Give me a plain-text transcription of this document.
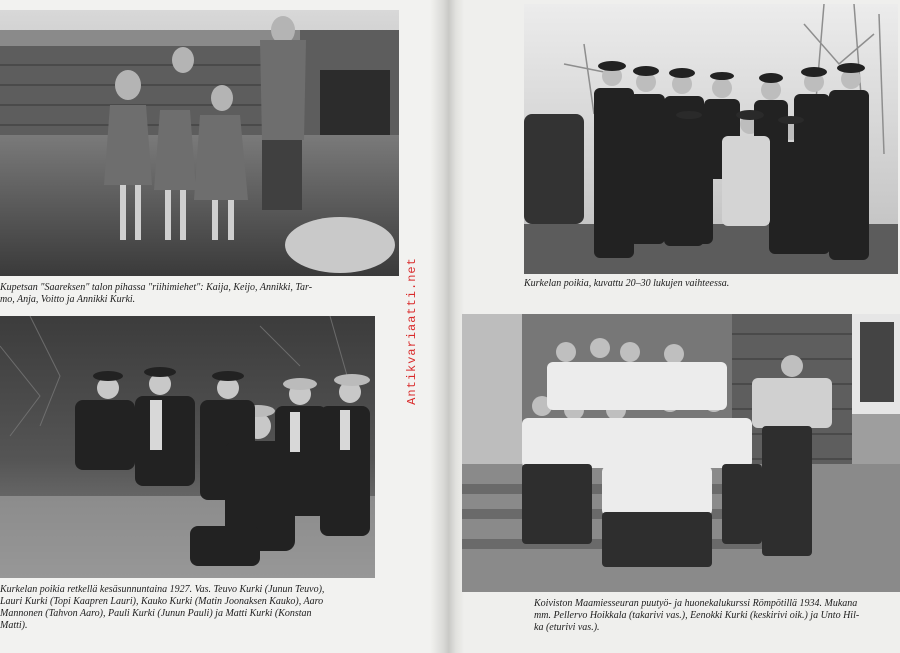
Kupetsan "Saareksen" talon pihassa "riihimiehet": Kaija, Keijo, Annikki, Tar-
mo, Anja, Voitto ja Annikki Kurki.

Kurkelan poikia, kuvattu 20–30 lukujen vaihteessa.

Kurkelan poikia retkellä kesäsunnuntaina 1927. Vas. Teuvo Kurki (Junun Teuvo),
Lauri Kurki (Topi Kaapren Lauri), Kauko Kurki (Matin Joonaksen Kauko), Aaro
Mannonen (Tahvon Aaro), Pauli Kurki (Junun Pauli) ja Matti Kurki (Konstan
Matti).

Koivisto​n Maamiesseuran puutyö- ja huonekalukurssi Römpötillä 1934. Mukana
mm. Pellervo Hoikkala (takarivi vas.), Eenokki Kurki (keskirivi oik.) ja Unto Hil-
ka (eturivi vas.).

Antikvariaatti.net
